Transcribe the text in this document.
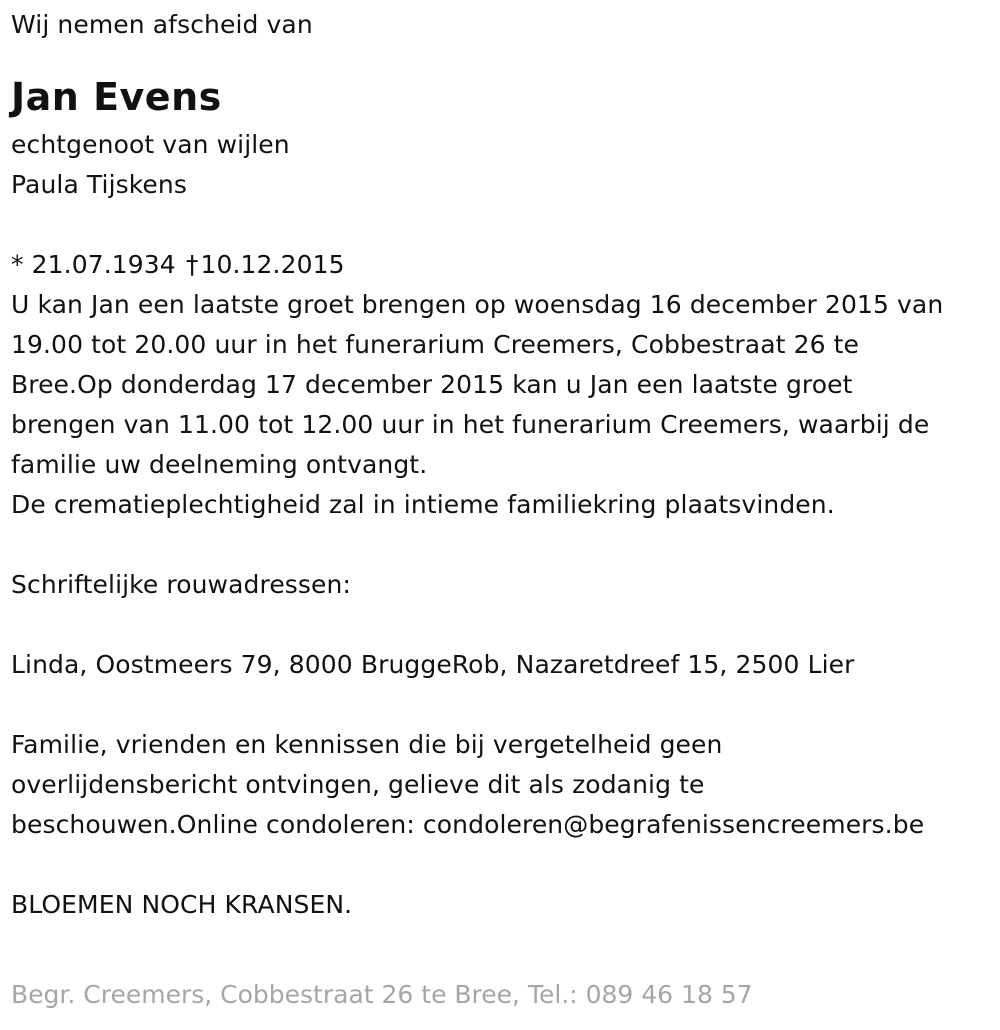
Wij nemen afscheid van
Jan Evens
echtgenoot van wijlen
Paula Tijskens
* 21.07.1934 †10.12.2015
U kan Jan een laatste groet brengen op woensdag 16 december 2015 van
19.00 tot 20.00 uur in het funerarium Creemers, Cobbestraat 26 te
Bree.Op donderdag 17 december 2015 kan u Jan een laatste groet
brengen van 11.00 tot 12.00 uur in het funerarium Creemers, waarbij de
familie uw deelneming ontvangt.
De crematieplechtigheid zal in intieme familiekring plaatsvinden.
Schriftelijke rouwadressen:
Linda, Oostmeers 79, 8000 BruggeRob, Nazaretdreef 15, 2500 Lier
Familie, vrienden en kennissen die bij vergetelheid geen
overlijdensbericht ontvingen, gelieve dit als zodanig te
beschouwen.Online condoleren: condoleren@begrafenissencreemers.be
BLOEMEN NOCH KRANSEN.
Begr. Creemers, Cobbestraat 26 te Bree, Tel.: 089 46 18 57
